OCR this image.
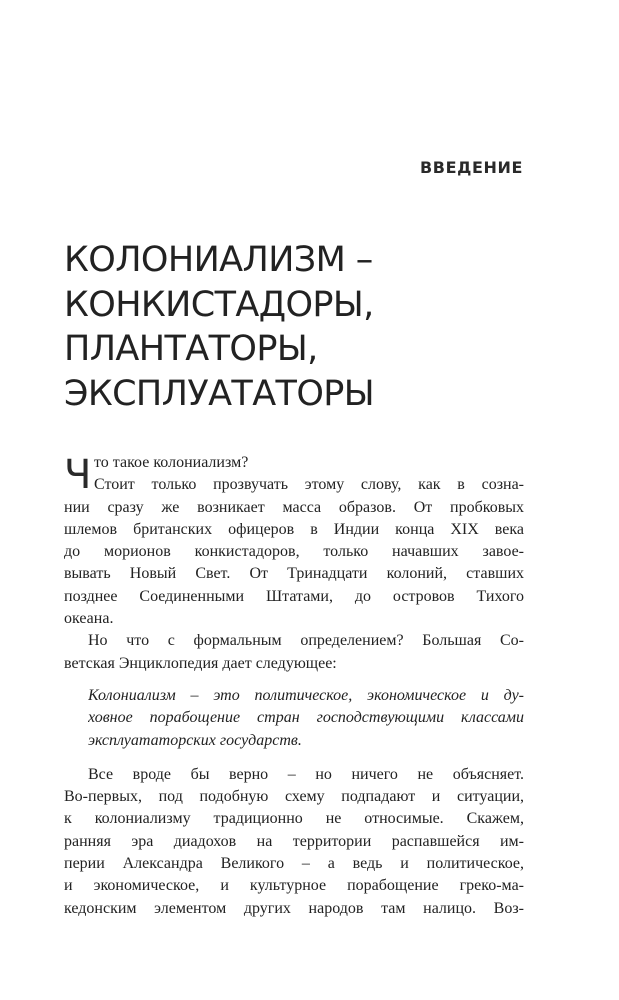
ВВЕДЕНИЕ
КОЛОНИАЛИЗМ –
КОНКИСТАДОРЫ,
ПЛАНТАТОРЫ,
ЭКСПЛУАТАТОРЫ
Ч то такое колониализм?
Стоит только прозвучать этому слову, как в созна-
нии сразу же возникает масса образов. От пробковых
шлемов британских офицеров в Индии конца XIX века
до морионов конкистадоров, только начавших завое-
вывать Новый Свет. От Тринадцати колоний, ставших
позднее Соединенными Штатами, до островов Тихого
океана.
Но что с формальным определением? Большая Со-
ветская Энциклопедия дает следующее:
Колониализм – это политическое, экономическое и ду-
ховное порабощение стран господствующими классами
эксплуататорских государств.
Все вроде бы верно – но ничего не объясняет.
Во-первых, под подобную схему подпадают и ситуации,
к колониализму традиционно не относимые. Скажем,
ранняя эра диадохов на территории распавшейся им-
перии Александра Великого – а ведь и политическое,
и экономическое, и культурное порабощение греко-ма-
кедонским элементом других народов там налицо. Воз-
